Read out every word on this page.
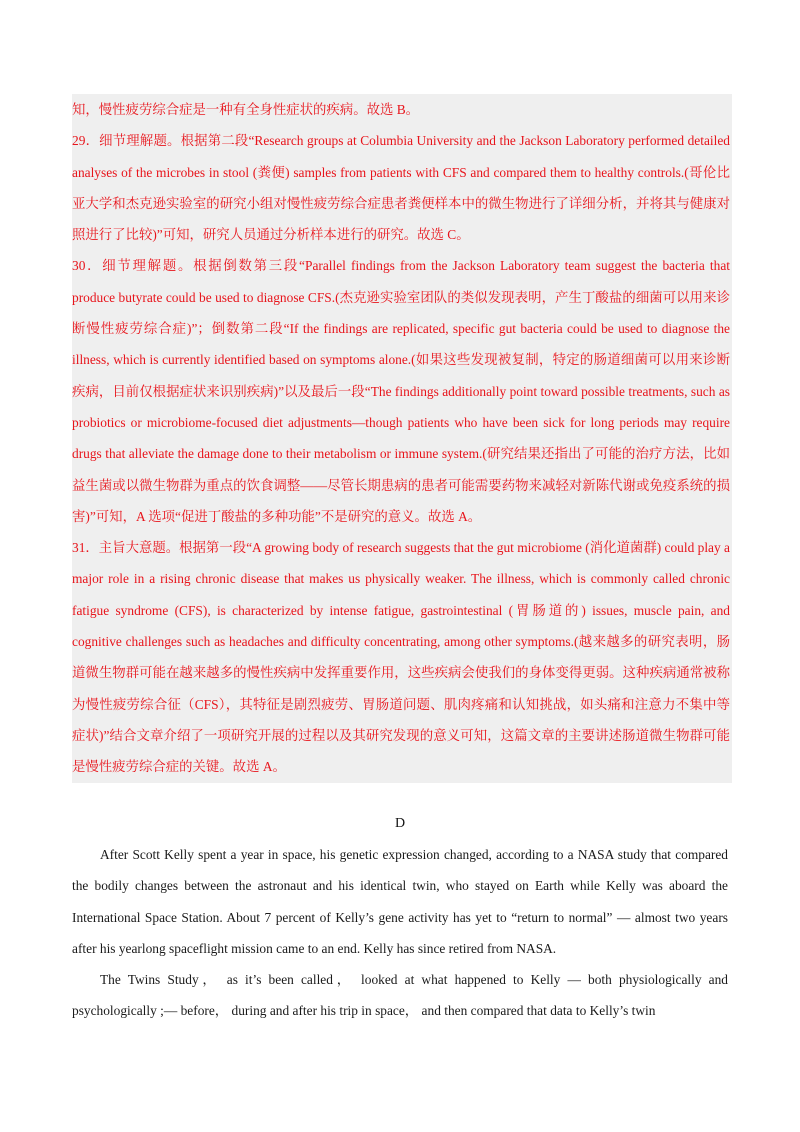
知，慢性疲劳综合症是一种有全身性症状的疾病。故选 B。

29．细节理解题。根据第二段“Research groups at Columbia University and the Jackson Laboratory performed detailed analyses of the microbes in stool (粪便) samples from patients with CFS and compared them to healthy controls.(哥伦比亚大学和杰克逊实验室的研究小组对慢性疲劳综合症患者粪便样本中的微生物进行了详细分析，并将其与健康对照进行了比较)”可知，研究人员通过分析样本进行的研究。故选 C。

30．细节理解题。根据倒数第三段“Parallel findings from the Jackson Laboratory team suggest the bacteria that produce butyrate could be used to diagnose CFS.(杰克逊实验室团队的类似发现表明，产生丁酸盐的细菌可以用来诊断慢性疲劳综合症)”；倒数第二段“If the findings are replicated, specific gut bacteria could be used to diagnose the illness, which is currently identified based on symptoms alone.(如果这些发现被复制，特定的肠道细菌可以用来诊断疾病，目前仅根据症状来识别疾病)”以及最后一段“The findings additionally point toward possible treatments, such as probiotics or microbiome-focused diet adjustments—though patients who have been sick for long periods may require drugs that alleviate the damage done to their metabolism or immune system.(研究结果还指出了可能的治疗方法，比如益生菌或以微生物群为重点的饮食调整——尽管长期患病的患者可能需要药物来减轻对新陈代谢或免疫系统的损害)”可知，A 选项“促进丁酸盐的多种功能”不是研究的意义。故选 A。

31．主旨大意题。根据第一段“A growing body of research suggests that the gut microbiome (消化道菌群) could play a major role in a rising chronic disease that makes us physically weaker. The illness, which is commonly called chronic fatigue syndrome (CFS), is characterized by intense fatigue, gastrointestinal (胃肠道的) issues, muscle pain, and cognitive challenges such as headaches and difficulty concentrating, among other symptoms.(越来越多的研究表明，肠道微生物群可能在越来越多的慢性疾病中发挥重要作用，这些疾病会使我们的身体变得更弱。这种疾病通常被称为慢性疲劳综合征（CFS），其特征是剧烈疲劳、胃肠道问题、肌肉疼痛和认知挑战，如头痛和注意力不集中等症状)”结合文章介绍了一项研究开展的过程以及其研究发现的意义可知，这篇文章的主要讲述肠道微生物群可能是慢性疲劳综合症的关键。故选 A。

D

After Scott Kelly spent a year in space, his genetic expression changed, according to a NASA study that compared the bodily changes between the astronaut and his identical twin, who stayed on Earth while Kelly was aboard the International Space Station. About 7 percent of Kelly’s gene activity has yet to “return to normal” — almost two years after his yearlong spaceflight mission came to an end. Kelly has since retired from NASA.

The Twins Study， as it’s been called， looked at what happened to Kelly — both physiologically and psychologically ;— before， during and after his trip in space， and then compared that data to Kelly’s twin
